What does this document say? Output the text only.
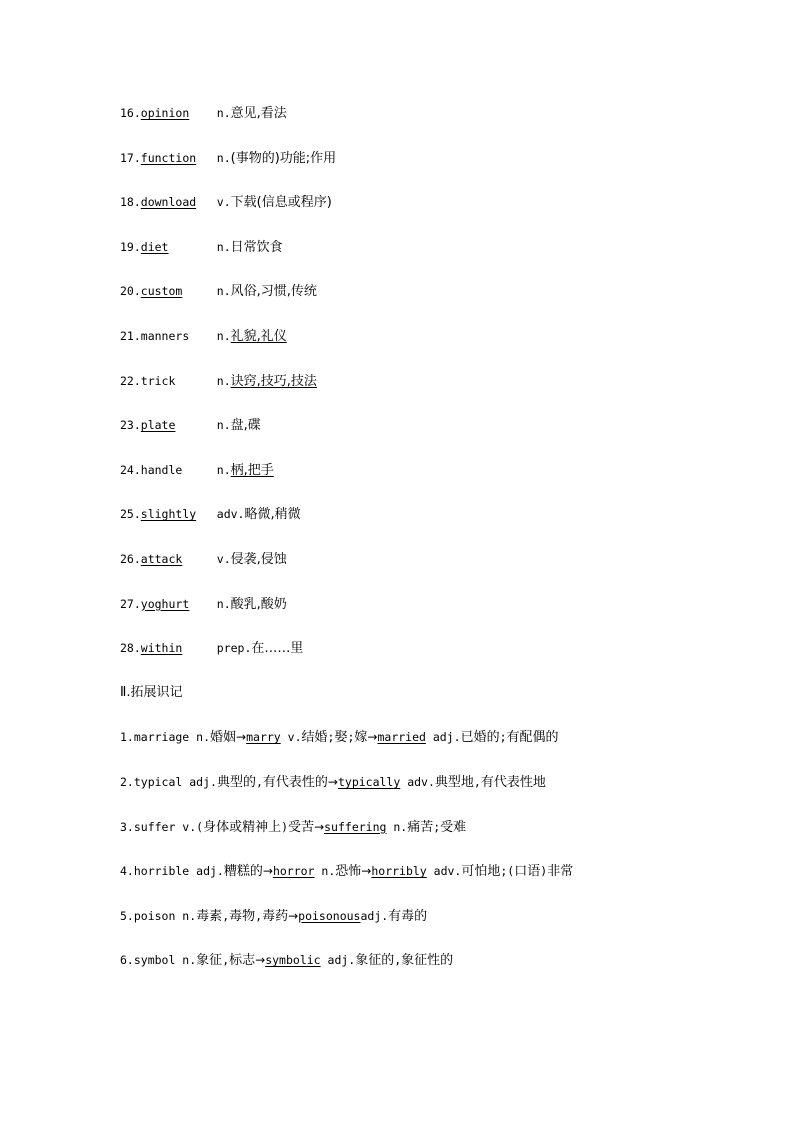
16.opinion n.意见,看法
17.function n.(事物的)功能;作用
18.download v.下载(信息或程序)
19.diet	n.日常饮食
20.custom	n.风俗,习惯,传统
21.manners n.礼貌,礼仪
22.trick	n.诀窍,技巧,技法
23.plate	n.盘,碟
24.handle	n.柄,把手
25.slightly adv.略微,稍微
26.attack	v.侵袭,侵蚀
27.yoghurt n.酸乳,酸奶
28.within	prep.在……里
Ⅱ.拓展识记
1.marriage n.婚姻→marry v.结婚;娶;嫁→married adj.已婚的;有配偶的
2.typical adj.典型的,有代表性的→typically adv.典型地,有代表性地
3.suffer v.(身体或精神上)受苦→suffering n.痛苦;受难
4.horrible adj.糟糕的→horror n.恐怖→horribly adv.可怕地;(口语)非常
5.poison n.毒素,毒物,毒药→poisonousadj.有毒的
6.symbol n.象征,标志→symbolic adj.象征的,象征性的
